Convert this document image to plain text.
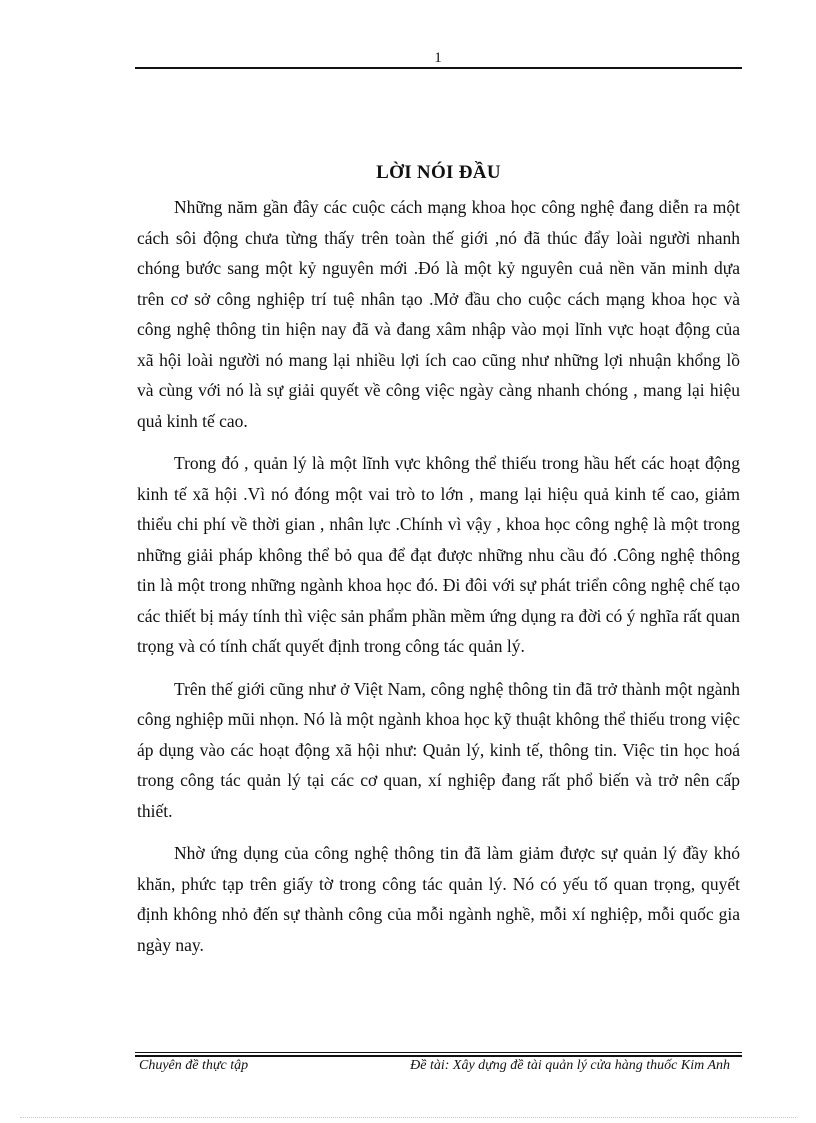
1
LỜI NÓI ĐẦU

Những năm gần đây các cuộc cách mạng khoa học công nghệ đang diễn ra một cách sôi động chưa từng thấy trên toàn thế giới ,nó đã thúc đẩy loài người nhanh chóng bước sang một kỷ nguyên mới .Đó là một kỷ nguyên cuả nền văn minh dựa trên cơ sở công nghiệp trí tuệ nhân tạo .Mở đầu cho cuộc cách mạng khoa học và công nghệ thông tin hiện nay đã và đang xâm nhập vào mọi lĩnh vực hoạt động của xã hội loài người nó mang lại nhiều lợi ích cao cũng như những lợi nhuận khổng lồ và cùng với nó là sự giải quyết về công việc ngày càng nhanh chóng , mang lại hiệu quả kinh tế cao.

Trong đó , quản lý là một lĩnh vực không thể thiếu trong hầu hết các hoạt động kinh tế xã hội .Vì nó đóng một vai trò to lớn , mang lại hiệu quả kinh tế cao, giảm thiểu chi phí về thời gian , nhân lực .Chính vì vậy , khoa học công nghệ là một trong những giải pháp không thể bỏ qua để đạt được những nhu cầu đó .Công nghệ thông tin là một trong những ngành khoa học đó. Đi đôi với sự phát triển công nghệ chế tạo các thiết bị máy tính thì việc sản phẩm phần mềm ứng dụng ra đời có ý nghĩa rất quan trọng và có tính chất quyết định trong công tác quản lý.

Trên thế giới cũng như ở Việt Nam, công nghệ thông tin đã trở thành một ngành công nghiệp mũi nhọn. Nó là một ngành khoa học kỹ thuật không thể thiếu trong việc áp dụng vào các hoạt động xã hội như: Quản lý, kinh tế, thông tin. Việc tin học hoá trong công tác quản lý tại các cơ quan, xí nghiệp đang rất phổ biến và trở nên cấp thiết.

Nhờ ứng dụng của công nghệ thông tin đã làm giảm được sự quản lý đầy khó khăn, phức tạp trên giấy tờ trong công tác quản lý. Nó có yếu tố quan trọng, quyết định không nhỏ đến sự thành công của mỗi ngành nghề, mỗi xí nghiệp, mỗi quốc gia ngày nay.

Chuyên đề thực tập	Đề tài: Xây dựng đề tài quản lý cửa hàng thuốc Kim Anh
